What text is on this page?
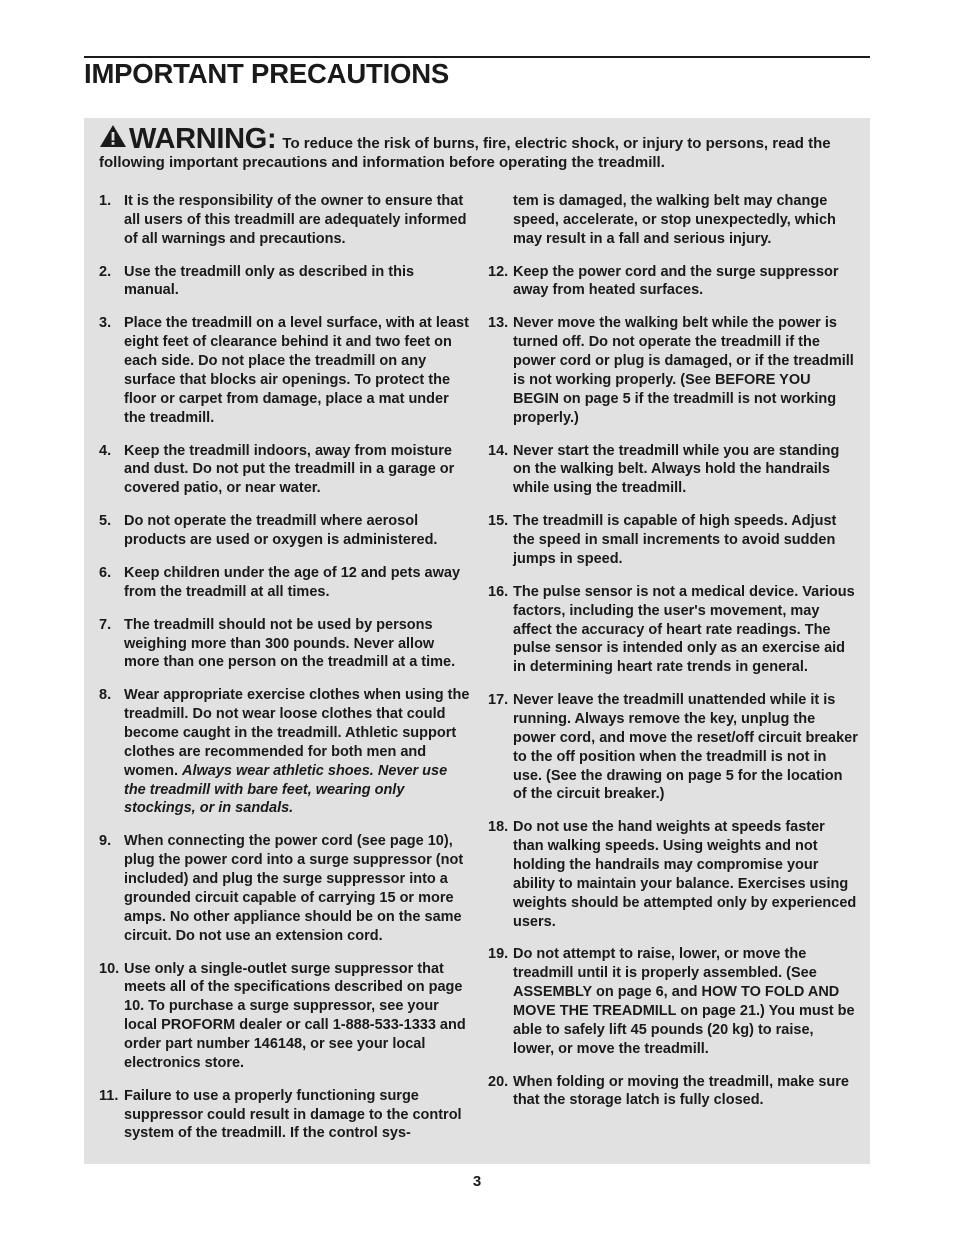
IMPORTANT PRECAUTIONS
WARNING: To reduce the risk of burns, fire, electric shock, or injury to persons, read the following important precautions and information before operating the treadmill.
1. It is the responsibility of the owner to ensure that all users of this treadmill are adequately informed of all warnings and precautions.
2. Use the treadmill only as described in this manual.
3. Place the treadmill on a level surface, with at least eight feet of clearance behind it and two feet on each side. Do not place the treadmill on any surface that blocks air openings. To protect the floor or carpet from damage, place a mat under the treadmill.
4. Keep the treadmill indoors, away from moisture and dust. Do not put the treadmill in a garage or covered patio, or near water.
5. Do not operate the treadmill where aerosol products are used or oxygen is administered.
6. Keep children under the age of 12 and pets away from the treadmill at all times.
7. The treadmill should not be used by persons weighing more than 300 pounds. Never allow more than one person on the treadmill at a time.
8. Wear appropriate exercise clothes when using the treadmill. Do not wear loose clothes that could become caught in the treadmill. Athletic support clothes are recommended for both men and women. Always wear athletic shoes. Never use the treadmill with bare feet, wearing only stockings, or in sandals.
9. When connecting the power cord (see page 10), plug the power cord into a surge suppressor (not included) and plug the surge suppressor into a grounded circuit capable of carrying 15 or more amps. No other appliance should be on the same circuit. Do not use an extension cord.
10. Use only a single-outlet surge suppressor that meets all of the specifications described on page 10. To purchase a surge suppressor, see your local PROFORM dealer or call 1-888-533-1333 and order part number 146148, or see your local electronics store.
11. Failure to use a properly functioning surge suppressor could result in damage to the control system of the treadmill. If the control sys-
tem is damaged, the walking belt may change speed, accelerate, or stop unexpectedly, which may result in a fall and serious injury.
12. Keep the power cord and the surge suppressor away from heated surfaces.
13. Never move the walking belt while the power is turned off. Do not operate the treadmill if the power cord or plug is damaged, or if the treadmill is not working properly. (See BEFORE YOU BEGIN on page 5 if the treadmill is not working properly.)
14. Never start the treadmill while you are standing on the walking belt. Always hold the handrails while using the treadmill.
15. The treadmill is capable of high speeds. Adjust the speed in small increments to avoid sudden jumps in speed.
16. The pulse sensor is not a medical device. Various factors, including the user's movement, may affect the accuracy of heart rate readings. The pulse sensor is intended only as an exercise aid in determining heart rate trends in general.
17. Never leave the treadmill unattended while it is running. Always remove the key, unplug the power cord, and move the reset/off circuit breaker to the off position when the treadmill is not in use. (See the drawing on page 5 for the location of the circuit breaker.)
18. Do not use the hand weights at speeds faster than walking speeds. Using weights and not holding the handrails may compromise your ability to maintain your balance. Exercises using weights should be attempted only by experienced users.
19. Do not attempt to raise, lower, or move the treadmill until it is properly assembled. (See ASSEMBLY on page 6, and HOW TO FOLD AND MOVE THE TREADMILL on page 21.) You must be able to safely lift 45 pounds (20 kg) to raise, lower, or move the treadmill.
20. When folding or moving the treadmill, make sure that the storage latch is fully closed.
3
